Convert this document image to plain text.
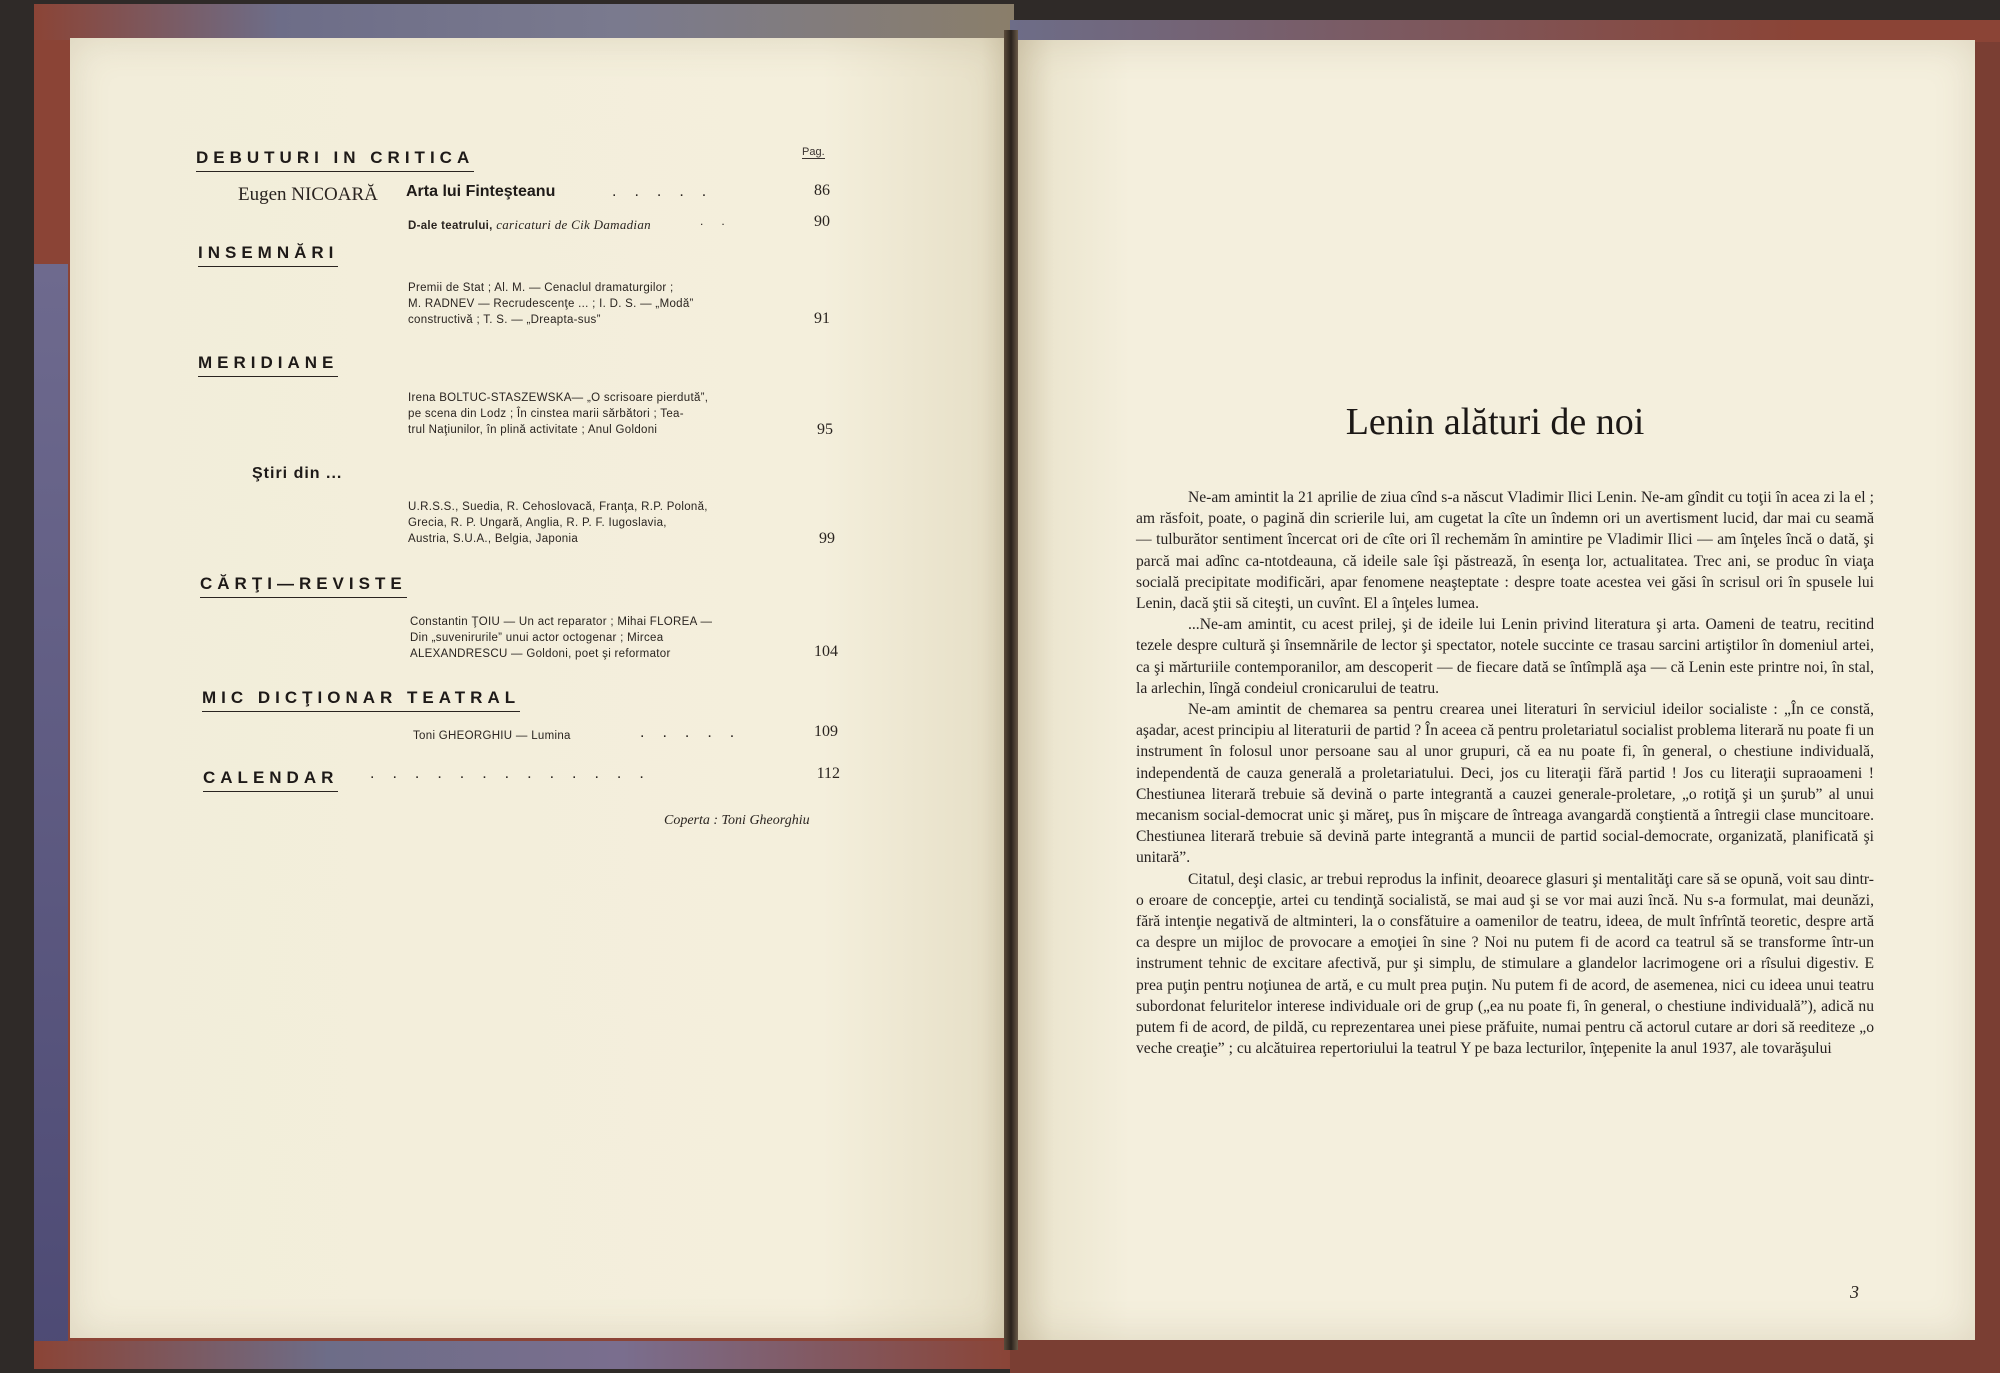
Pag.
DEBUTURI IN CRITICA
Eugen NICOARĂ Arta lui Finteşteanu	.....	86
D-ale teatrului, caricaturi de Cik Damadian	..	90
INSEMNĂRI
Premii de Stat ; Al. M. — Cenaclul dramaturgilor ;
M. RADNEV — Recrudescenţe ... ; I. D. S. — „Modă”
constructivă ; T. S. — „Dreapta-sus”	91
MERIDIANE
Irena BOLTUC-STASZEWSKA— „O scrisoare pierdută”,
pe scena din Lodz ; În cinstea marii sărbători ; Tea-
trul Naţiunilor, în plină activitate ; Anul Goldoni	95
Ştiri din ...
U.R.S.S., Suedia, R. Cehoslovacă, Franţa, R.P. Polonă,
Grecia, R. P. Ungară, Anglia, R. P. F. Iugoslavia,
Austria, S.U.A., Belgia, Japonia	99
CĂRŢI—REVISTE
Constantin ŢOIU — Un act reparator ; Mihai FLOREA —
Din „suvenirurile” unui actor octogenar ; Mircea
ALEXANDRESCU — Goldoni, poet şi reformator	104
MIC DICŢIONAR TEATRAL
Toni GHEORGHIU — Lumina	.....	109
CALENDAR .............	112
Coperta : Toni Gheorghiu
Lenin alături de noi

Ne-am amintit la 21 aprilie de ziua cînd s-a născut Vladimir Ilici Lenin. Ne-am gîndit cu toţii în acea zi la el ; am răsfoit, poate, o pagină din scrierile lui, am cugetat la cîte un îndemn ori un avertisment lucid, dar mai cu seamă — tulburător sentiment încercat ori de cîte ori îl rechemăm în amintire pe Vladimir Ilici — am înţeles încă o dată, şi parcă mai adînc ca-ntotdeauna, că ideile sale îşi păstrează, în esenţa lor, actualitatea. Trec ani, se produc în viaţa socială precipitate modificări, apar fenomene neaşteptate : despre toate acestea vei găsi în scrisul ori în spusele lui Lenin, dacă ştii să citeşti, un cuvînt. El a înţeles lumea.

...Ne-am amintit, cu acest prilej, şi de ideile lui Lenin privind literatura şi arta. Oameni de teatru, recitind tezele despre cultură şi însemnările de lector şi spectator, notele succinte ce trasau sarcini artiştilor în domeniul artei, ca şi mărturiile contemporanilor, am descoperit — de fiecare dată se întîmplă aşa — că Lenin este printre noi, în stal, la arlechin, lîngă condeiul cronicarului de teatru.

Ne-am amintit de chemarea sa pentru crearea unei literaturi în serviciul ideilor socialiste : „În ce constă, aşadar, acest principiu al literaturii de partid ? În aceea că pentru proletariatul socialist problema literară nu poate fi un instrument în folosul unor persoane sau al unor grupuri, că ea nu poate fi, în general, o chestiune individuală, independentă de cauza generală a proletariatului. Deci, jos cu literaţii fără partid ! Jos cu literaţii supraoameni ! Chestiunea literară trebuie să devină o parte integrantă a cauzei generale-proletare, „o rotiţă şi un şurub” al unui mecanism social-democrat unic şi măreţ, pus în mişcare de întreaga avangardă conştientă a întregii clase muncitoare. Chestiunea literară trebuie să devină parte integrantă a muncii de partid social-democrate, organizată, planificată şi unitară”.

Citatul, deşi clasic, ar trebui reprodus la infinit, deoarece glasuri şi mentalităţi care să se opună, voit sau dintr-o eroare de concepţie, artei cu tendinţă socialistă, se mai aud şi se vor mai auzi încă. Nu s-a formulat, mai deunăzi, fără intenţie negativă de altminteri, la o consfătuire a oamenilor de teatru, ideea, de mult înfrîntă teoretic, despre artă ca despre un mijloc de provocare a emoţiei în sine ? Noi nu putem fi de acord ca teatrul să se transforme într-un instrument tehnic de excitare afectivă, pur şi simplu, de stimulare a glandelor lacrimogene ori a rîsului digestiv. E prea puţin pentru noţiunea de artă, e cu mult prea puţin. Nu putem fi de acord, de asemenea, nici cu ideea unui teatru subordonat feluritelor interese individuale ori de grup („ea nu poate fi, în general, o chestiune individuală”), adică nu putem fi de acord, de pildă, cu reprezentarea unei piese prăfuite, numai pentru că actorul cutare ar dori să reediteze „o veche creaţie” ; cu alcătuirea repertoriului la teatrul Y pe baza lecturilor, înţepenite la anul 1937, ale tovarăşului

3
